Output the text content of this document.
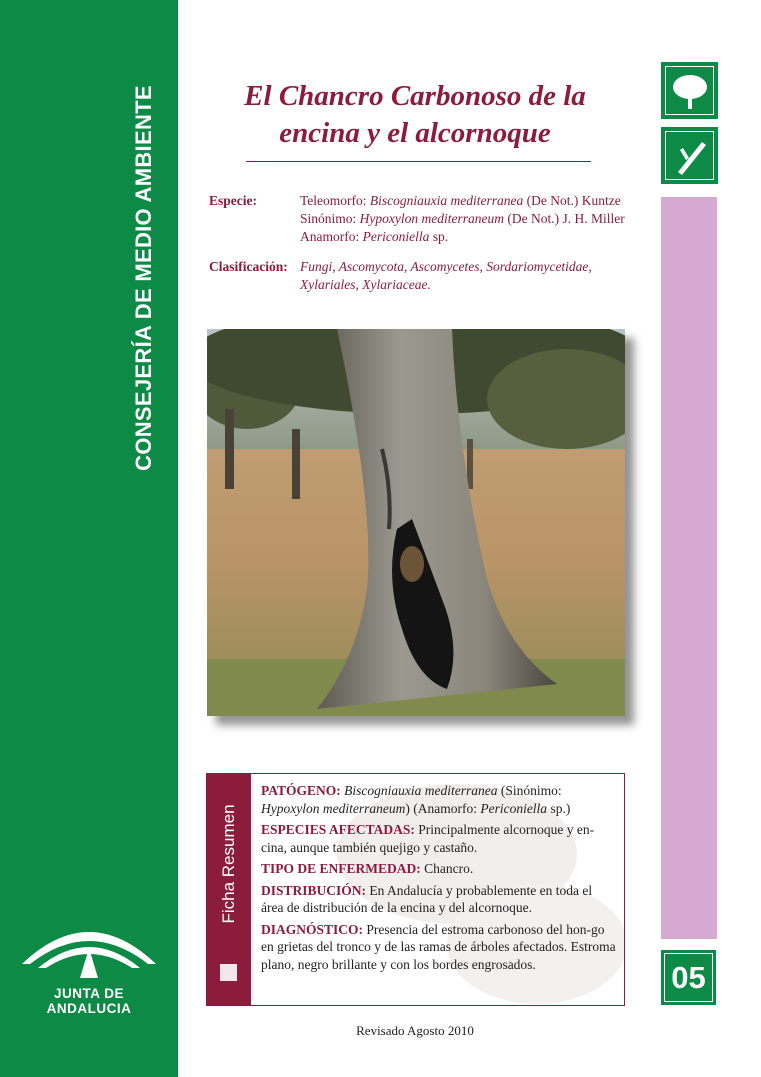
CONSEJERÍA DE MEDIO AMBIENTE
JUNTA DE ANDALUCIA
El Chancro Carbonoso de la
encina y el alcornoque
Especie:	Teleomorfo: Biscogniauxia mediterranea (De Not.) Kuntze
Sinónimo: Hypoxylon mediterraneum (De Not.) J. H. Miller
Anamorfo: Periconiella sp.
Clasificación: Fungi, Ascomycota, Ascomycetes, Sordariomycetidae,
Xylariales, Xylariaceae.
05
Ficha Resumen

PATÓGENO: Biscogniauxia mediterranea (Sinónimo: Hypoxylon mediterraneum) (Anamorfo: Periconiella sp.)

ESPECIES AFECTADAS: Principalmente alcornoque y en-cina, aunque también quejigo y castaño.

TIPO DE ENFERMEDAD: Chancro.

DISTRIBUCIÓN: En Andalucía y probablemente en toda el área de distribución de la encina y del alcornoque.

DIAGNÓSTICO: Presencia del estroma carbonoso del hon-go en grietas del tronco y de las ramas de árboles afectados. Estroma plano, negro brillante y con los bordes engrosados.

Revisado Agosto 2010
